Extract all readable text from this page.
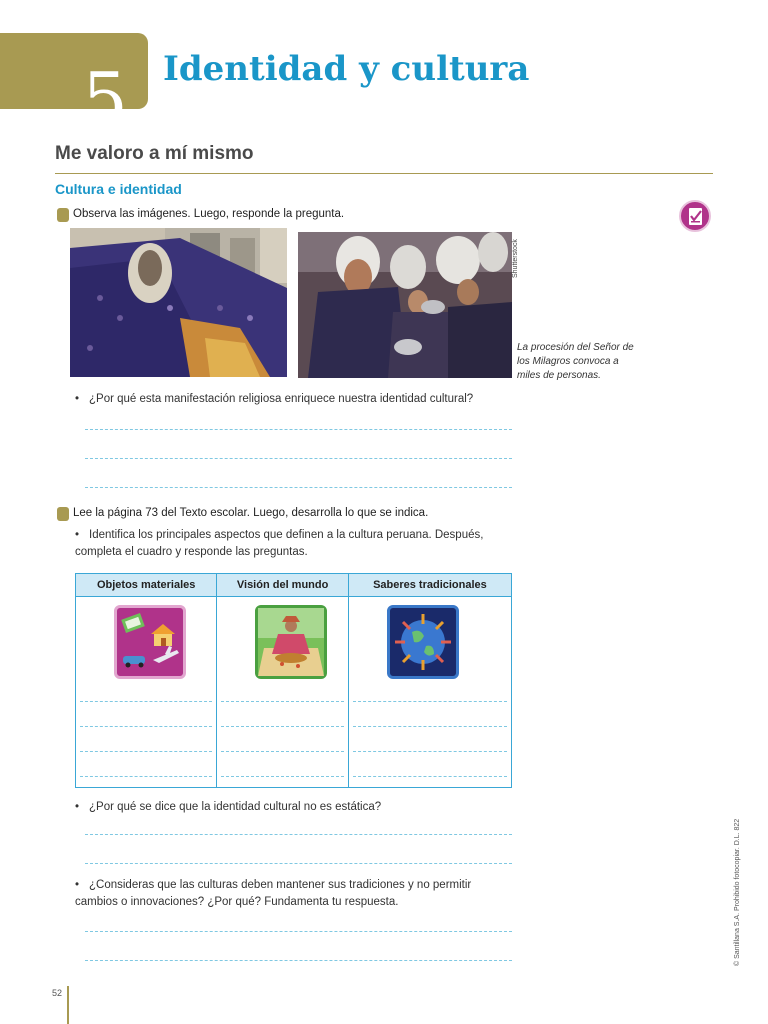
5 Identidad y cultura
Me valoro a mí mismo
Cultura e identidad
Observa las imágenes. Luego, responde la pregunta.
Shutterstock
La procesión del Señor de los Milagros convoca a miles de personas.
• ¿Por qué esta manifestación religiosa enriquece nuestra identidad cultural?
Lee la página 73 del Texto escolar. Luego, desarrolla lo que se indica.
• Identifica los principales aspectos que definen a la cultura peruana. Después, completa el cuadro y responde las preguntas.
Objetos materiales	Visión del mundo	Saberes tradicionales

• ¿Por qué se dice que la identidad cultural no es estática?
• ¿Consideras que las culturas deben mantener sus tradiciones y no permitir cambios o innovaciones? ¿Por qué? Fundamenta tu respuesta.
52
© Santillana S.A. Prohibido fotocopiar. D.L. 822
